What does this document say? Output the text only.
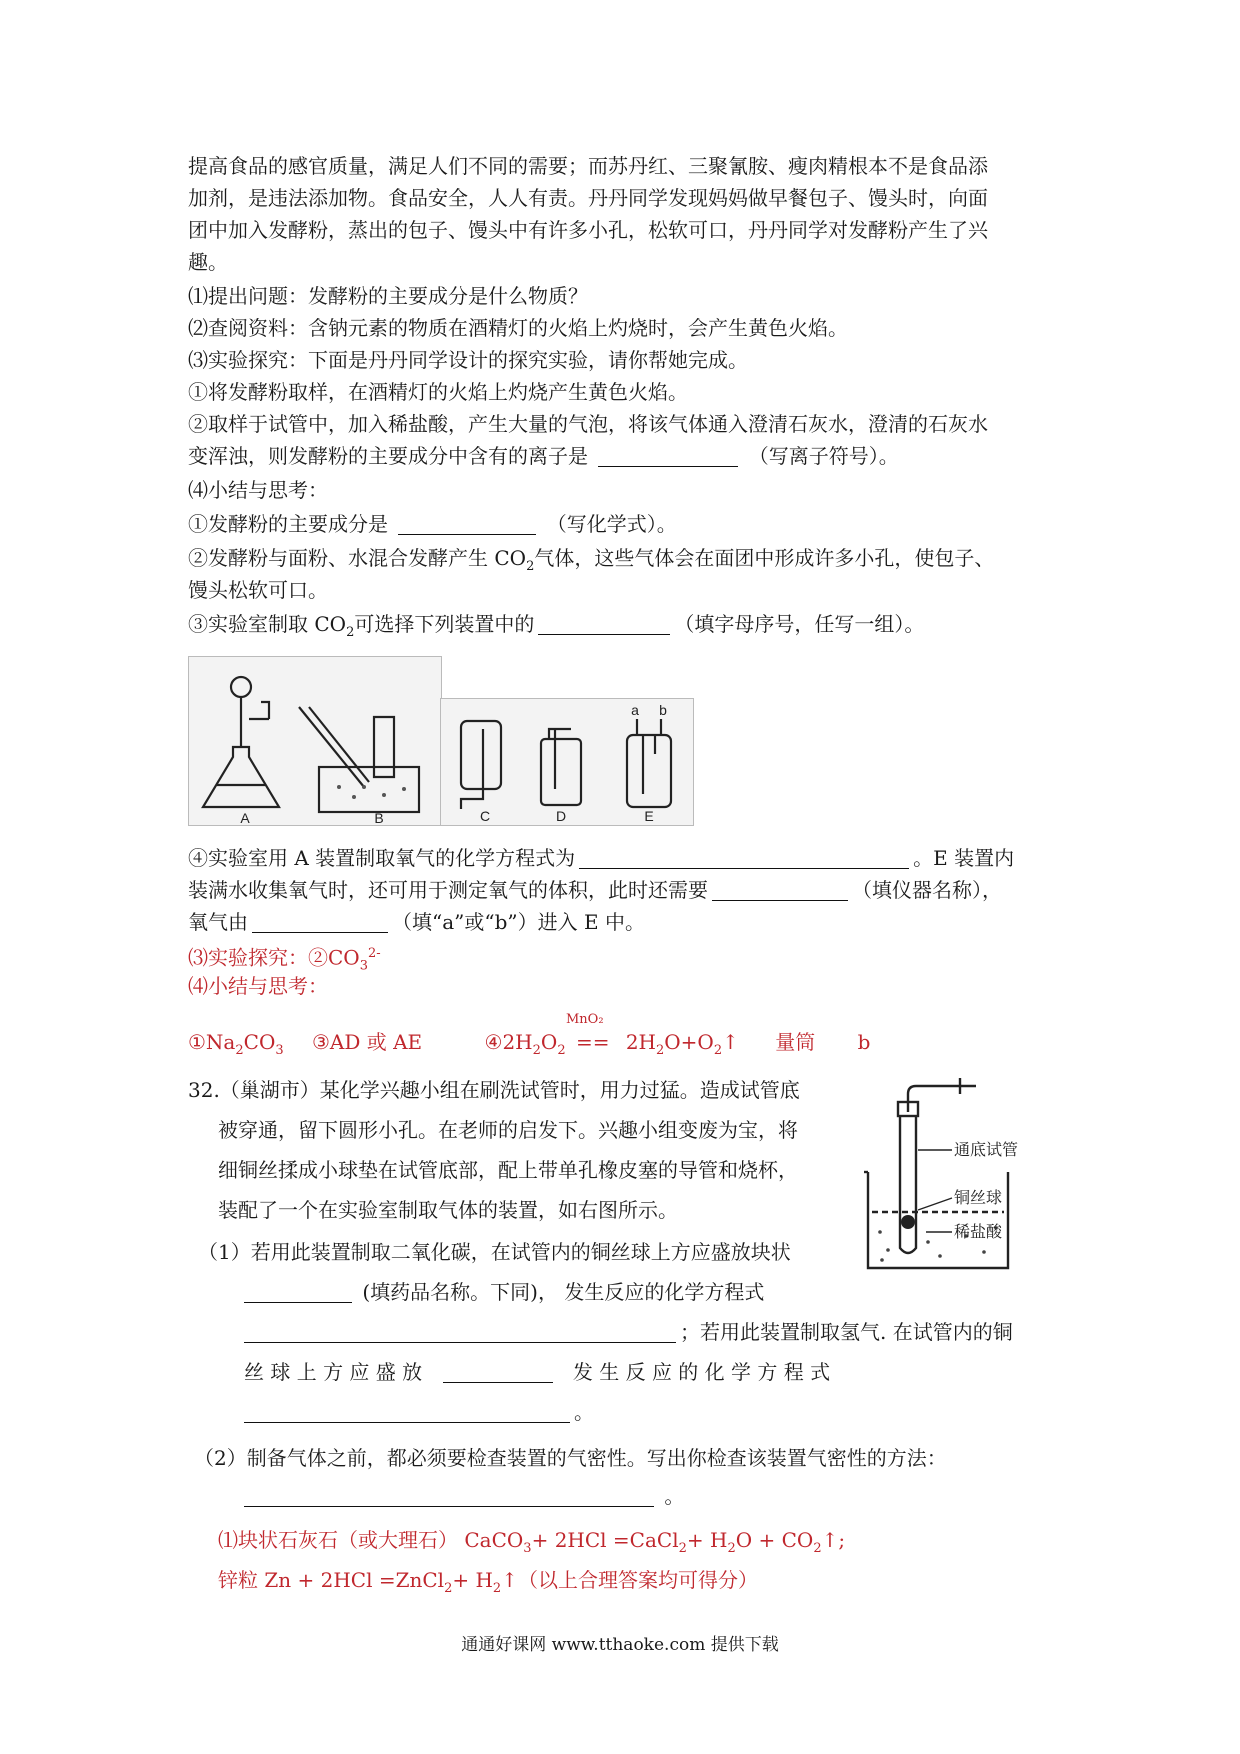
提高食品的感官质量，满足人们不同的需要；而苏丹红、三聚氰胺、瘦肉精根本不是食品添
加剂，是违法添加物。食品安全，人人有责。丹丹同学发现妈妈做早餐包子、馒头时，向面
团中加入发酵粉，蒸出的包子、馒头中有许多小孔，松软可口，丹丹同学对发酵粉产生了兴
趣。
⑴提出问题：发酵粉的主要成分是什么物质？
⑵查阅资料：含钠元素的物质在酒精灯的火焰上灼烧时，会产生黄色火焰。
⑶实验探究：下面是丹丹同学设计的探究实验，请你帮她完成。
①将发酵粉取样，在酒精灯的火焰上灼烧产生黄色火焰。
②取样于试管中，加入稀盐酸，产生大量的气泡，将该气体通入澄清石灰水，澄清的石灰水
变浑浊，则发酵粉的主要成分中含有的离子是	（写离子符号）。
⑷小结与思考：
①发酵粉的主要成分是	（写化学式）。
②发酵粉与面粉、水混合发酵产生 $CO_2$气体，这些气体会在面团中形成许多小孔，使包子、
馒头松软可口。
③实验室制取 $CO_2$可选择下列装置中的	（填字母序号，任写一组）。
A	B	C	D	E
a b
④实验室用 A 装置制取氧气的化学方程式为	。E 装置内
装满水收集氧气时，还可用于测定氧气的体积，此时还需要	（填仪器名称），
氧气由	（填“a”或“b”）进入 E 中。
⑶实验探究：$②CO_3^{2-}$
⑷小结与思考：
MnO₂
$①Na_2CO_3$ ③AD 或 AE	$④2H_2O_2$ == $2H_2O+O_2↑$ 量筒 b
32.（巢湖市）某化学兴趣小组在刷洗试管时，用力过猛。造成试管底
被穿通，留下圆形小孔。在老师的启发下。兴趣小组变废为宝，将
细铜丝揉成小球垫在试管底部，配上带单孔橡皮塞的导管和烧杯，
装配了一个在实验室制取气体的装置，如右图所示。
通底试管
铜丝球
稀盐酸
（1）若用此装置制取二氧化碳，在试管内的铜丝球上方应盛放块状
(填药品名称。下同)， 发生反应的化学方程式
；若用此装置制取氢气. 在试管内的铜
丝 球 上 方 应 盛 放	发 生 反 应 的 化 学 方 程 式
。
（2）制备气体之前，都必须要检查装置的气密性。写出你检查该装置气密性的方法：
。
⑴块状石灰石（或大理石） CaCO$_3$+ 2HCl =CaCl$_2$+ $H_2O$ + $CO_2↑$;
锌粒 Zn + 2HCl =ZnCl$_2$+ $H_2↑$（以上合理答案均可得分）
通通好课网 www.tthaoke.com 提供下载
